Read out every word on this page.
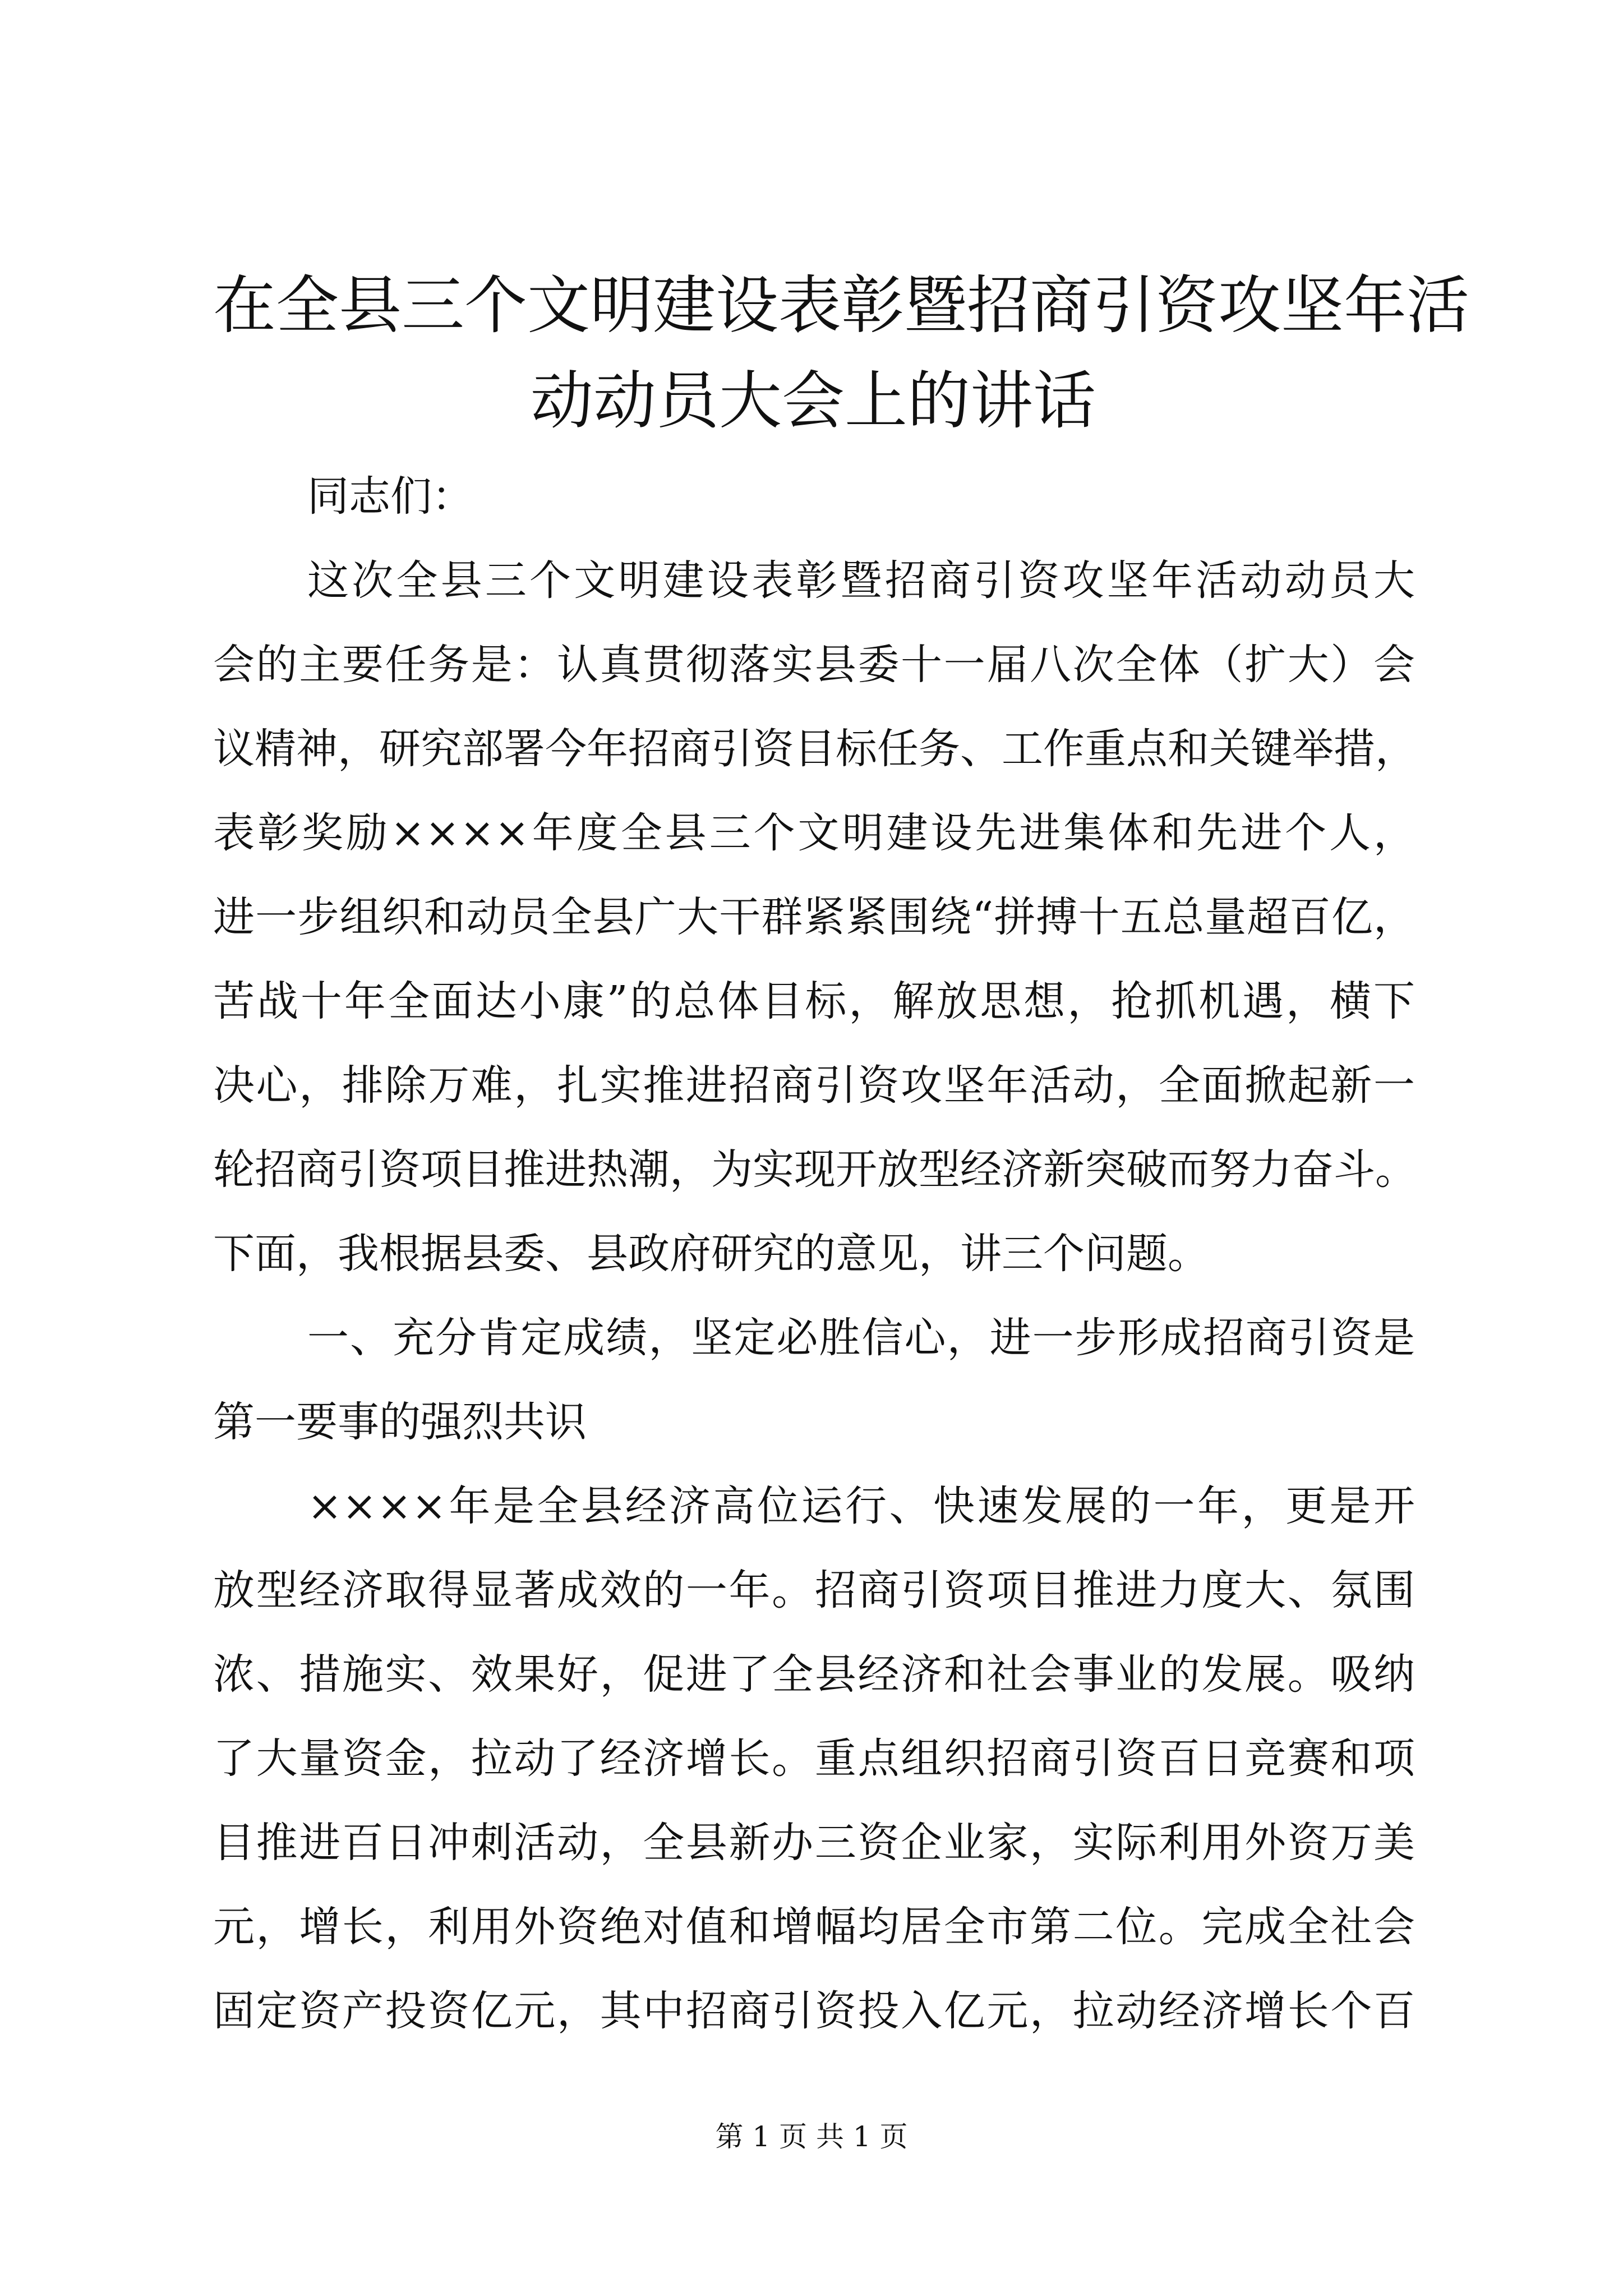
在全县三个文明建设表彰暨招商引资攻坚年活
动动员大会上的讲话

同志们：

这次全县三个文明建设表彰暨招商引资攻坚年活动动员大

会的主要任务是：认真贯彻落实县委十一届八次全体（扩大）会

议精神，研究部署今年招商引资目标任务、工作重点和关键举措，

表彰奖励××××年度全县三个文明建设先进集体和先进个人，

进一步组织和动员全县广大干群紧紧围绕“拼搏十五总量超百亿，

苦战十年全面达小康”的总体目标，解放思想，抢抓机遇，横下

决心，排除万难，扎实推进招商引资攻坚年活动，全面掀起新一

轮招商引资项目推进热潮，为实现开放型经济新突破而努力奋斗。

下面，我根据县委、县政府研究的意见，讲三个问题。

一、充分肯定成绩，坚定必胜信心，进一步形成招商引资是

第一要事的强烈共识

××××年是全县经济高位运行、快速发展的一年，更是开

放型经济取得显著成效的一年。招商引资项目推进力度大、氛围

浓、措施实、效果好，促进了全县经济和社会事业的发展。吸纳

了大量资金，拉动了经济增长。重点组织招商引资百日竞赛和项

目推进百日冲刺活动，全县新办三资企业家，实际利用外资万美

元，增长，利用外资绝对值和增幅均居全市第二位。完成全社会

固定资产投资亿元，其中招商引资投入亿元，拉动经济增长个百

第 1 页 共 1 页
